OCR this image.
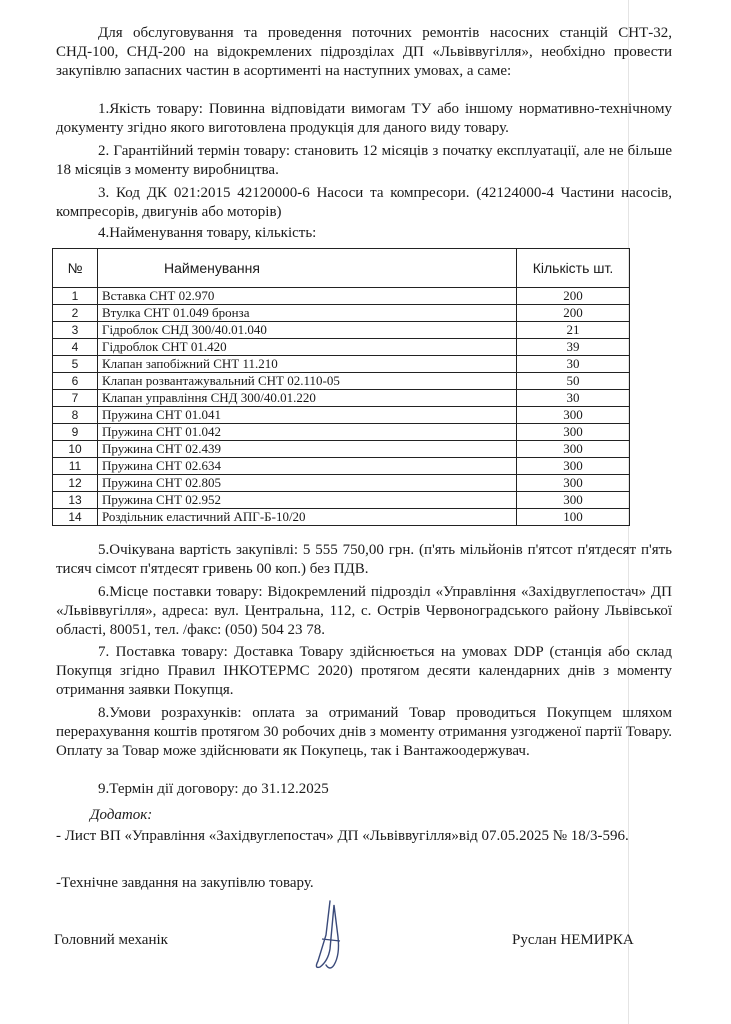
Для обслуговування та проведення поточних ремонтів насосних станцій СНТ-32, СНД-100, СНД-200 на відокремлених підрозділах ДП «Львіввугілля», необхідно провести закупівлю запасних частин в асортименті на наступних умовах, а саме:

1.Якість товару: Повинна відповідати вимогам ТУ або іншому нормативно-технічному документу згідно якого виготовлена продукція для даного виду товару.

2. Гарантійний термін товару: становить 12 місяців з початку експлуатації, але не більше 18 місяців з моменту виробництва.

3. Код ДК 021:2015 42120000-6 Насоси та компресори. (42124000-4 Частини насосів, компресорів, двигунів або моторів)

4.Найменування товару, кількість:

№	Найменування	Кількість шт.
1	Вставка СНТ 02.970	200
2	Втулка СНТ 01.049 бронза	200
3	Гідроблок СНД 300/40.01.040	21
4	Гідроблок СНТ 01.420	39
5	Клапан запобіжний СНТ 11.210	30
6	Клапан розвантажувальний СНТ 02.110-05	50
7	Клапан управління СНД 300/40.01.220	30
8	Пружина СНТ 01.041	300
9	Пружина СНТ 01.042	300
10	Пружина СНТ 02.439	300
11	Пружина СНТ 02.634	300
12	Пружина СНТ 02.805	300
13	Пружина СНТ 02.952	300
14	Роздільник еластичний АПГ-Б-10/20	100

5.Очікувана вартість закупівлі: 5 555 750,00 грн. (п'ять мільйонів п'ятсот п'ятдесят п'ять тисяч сімсот п'ятдесят гривень 00 коп.) без ПДВ.

6.Місце поставки товару: Відокремлений підрозділ «Управління «Західвуглепостач» ДП «Львіввугілля», адреса: вул. Центральна, 112, с. Острів Червоноградського району Львівської області, 80051, тел. /факс: (050) 504 23 78.

7. Поставка товару: Доставка Товару здійснюється на умовах DDP (станція або склад Покупця згідно Правил ІНКОТЕРМС 2020) протягом десяти календарних днів з моменту отримання заявки Покупця.

8.Умови розрахунків: оплата за отриманий Товар проводиться Покупцем шляхом перерахування коштів протягом 30 робочих днів з моменту отримання узгодженої партії Товару. Оплату за Товар може здійснювати як Покупець, так і Вантажоодержувач.

9.Термін дії договору: до 31.12.2025

Додаток:

- Лист ВП «Управління «Західвуглепостач» ДП «Львіввугілля»від 07.05.2025 № 18/3-596.

-Технічне завдання на закупівлю товару.

Головний механік	Руслан НЕМИРКА
